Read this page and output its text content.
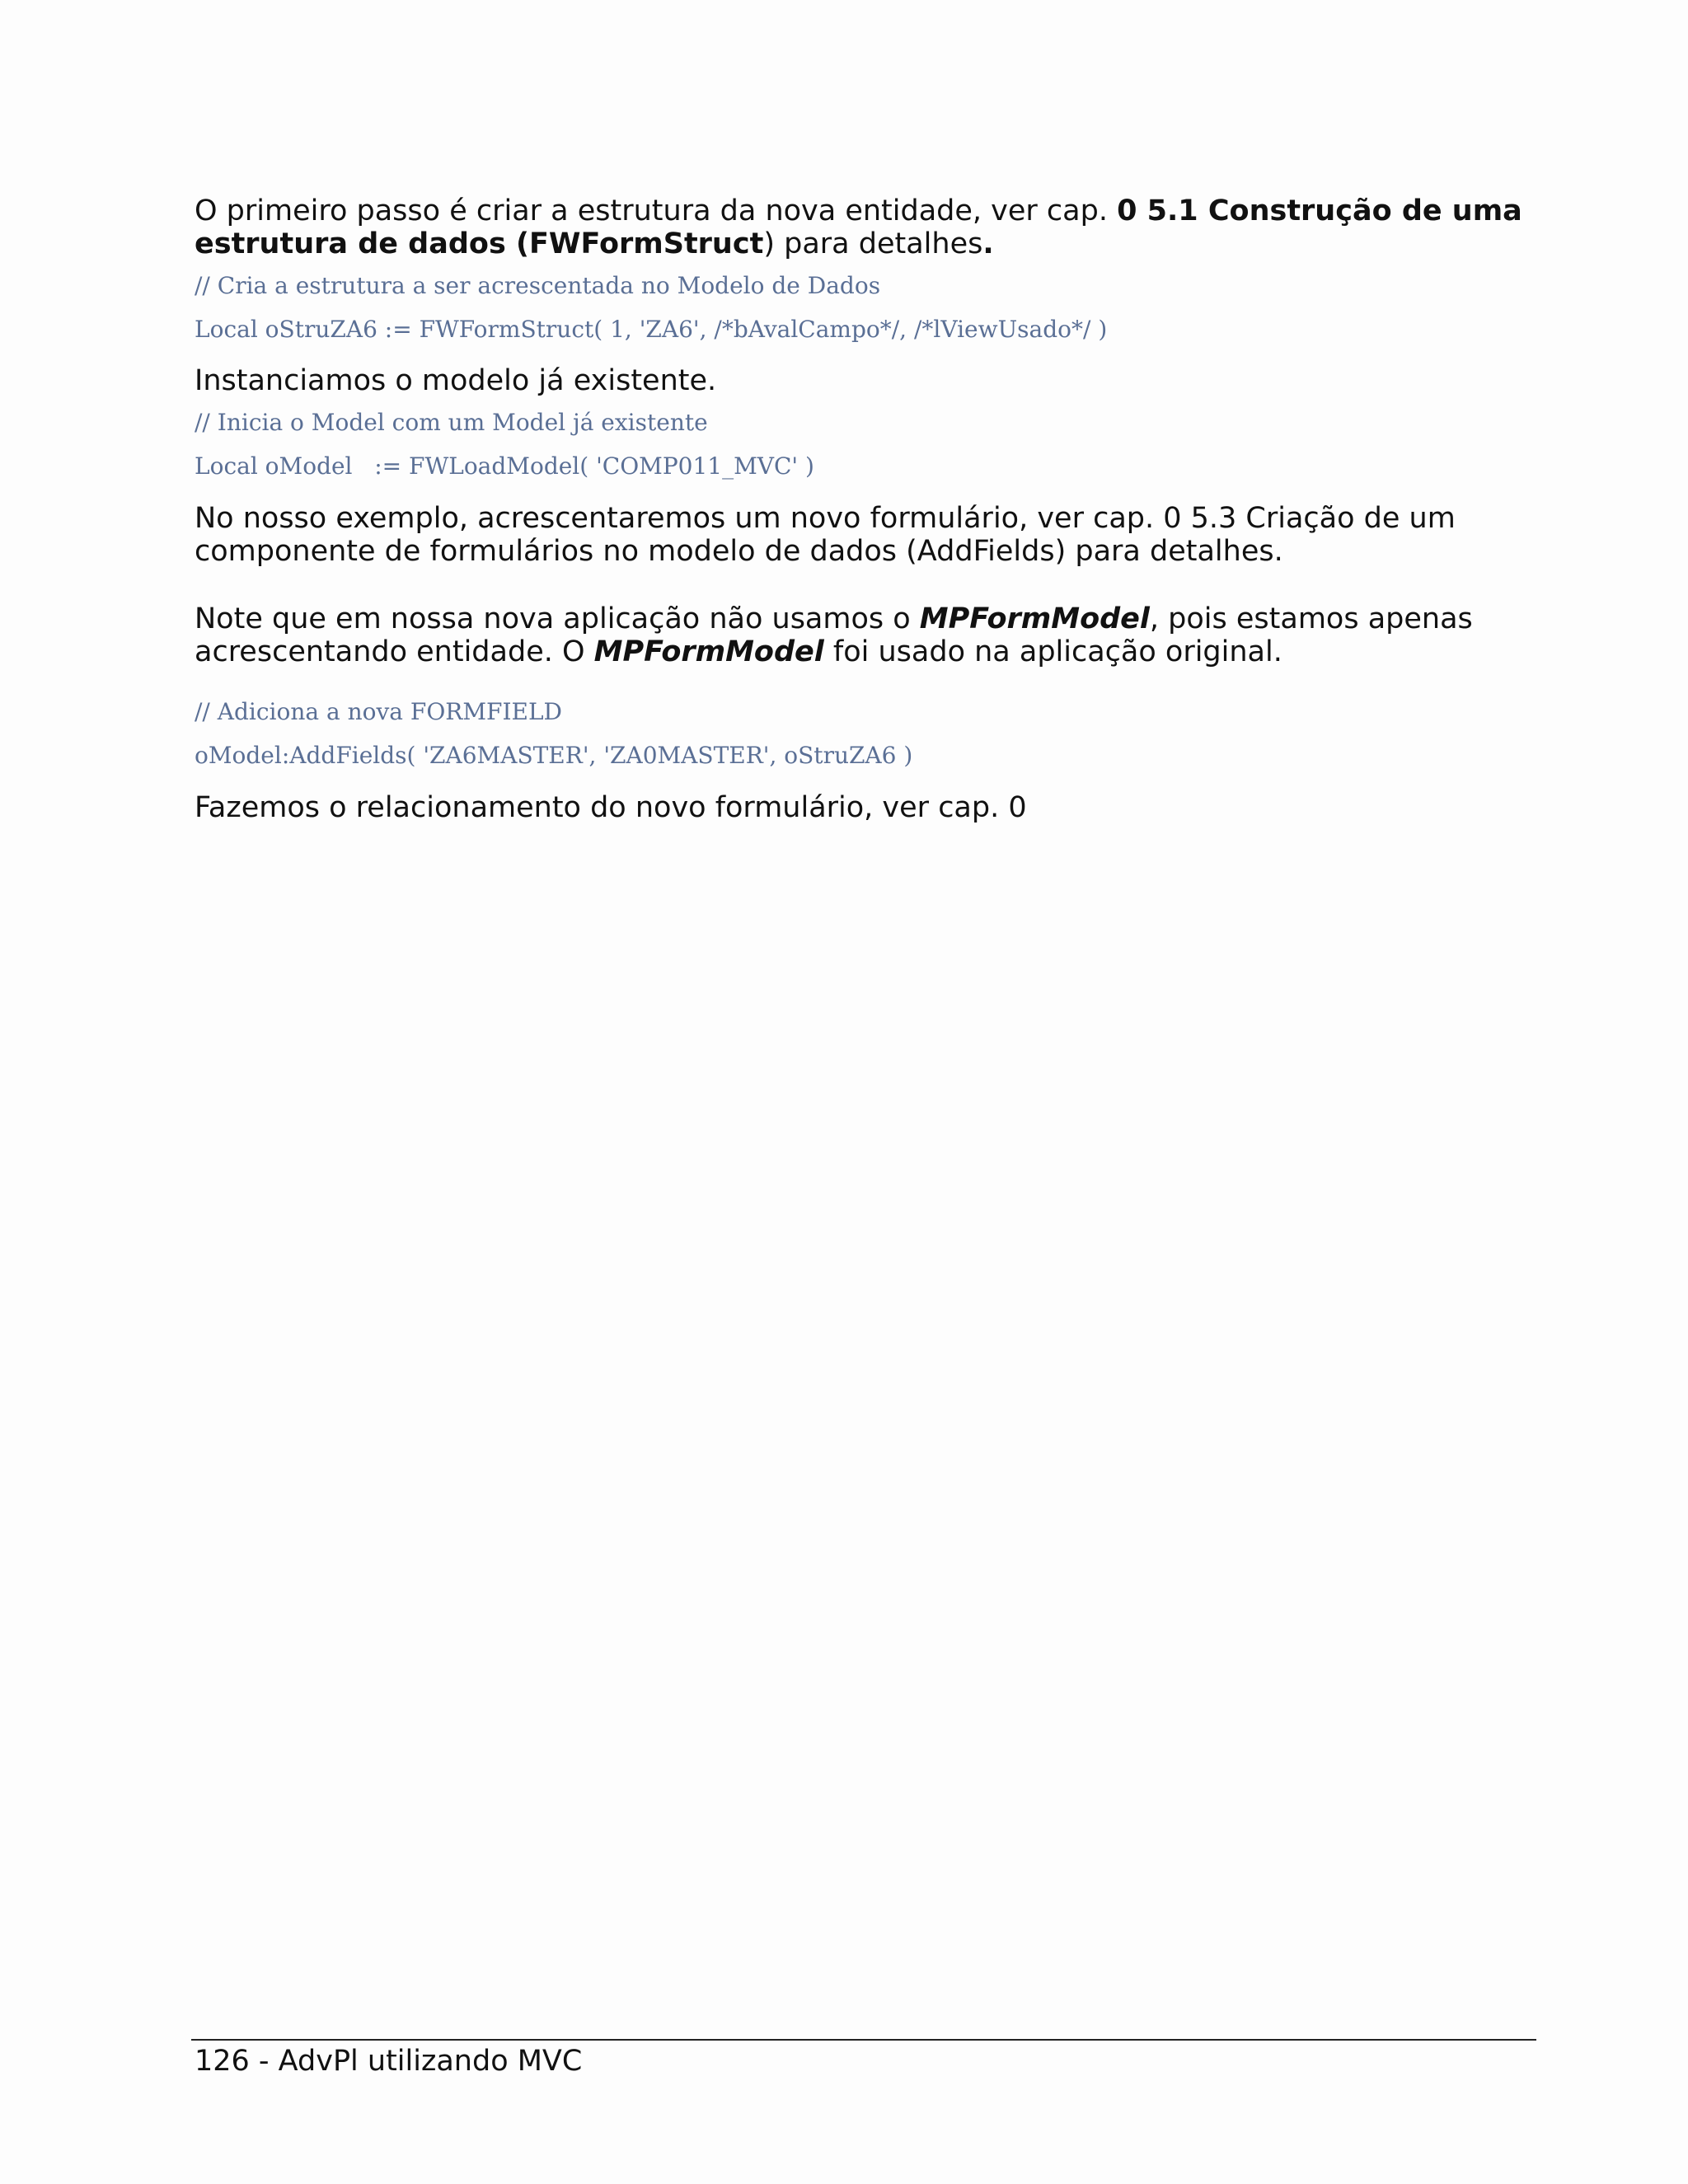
O primeiro passo é criar a estrutura da nova entidade, ver cap. 0 5.1 Construção de uma estrutura de dados (FWFormStruct) para detalhes.

// Cria a estrutura a ser acrescentada no Modelo de Dados

Local oStruZA6 := FWFormStruct( 1, 'ZA6', /*bAvalCampo*/, /*lViewUsado*/ )

Instanciamos o modelo já existente.

// Inicia o Model com um Model já existente

Local oModel   := FWLoadModel( 'COMP011_MVC' )

No nosso exemplo, acrescentaremos um novo formulário, ver cap. 0 5.3 Criação de um componente de formulários no modelo de dados (AddFields) para detalhes.

Note que em nossa nova aplicação não usamos o MPFormModel, pois estamos apenas acrescentando entidade. O MPFormModel foi usado na aplicação original.

// Adiciona a nova FORMFIELD

oModel:AddFields( 'ZA6MASTER', 'ZA0MASTER', oStruZA6 )

Fazemos o relacionamento do novo formulário, ver cap. 0

126 - AdvPl utilizando MVC
